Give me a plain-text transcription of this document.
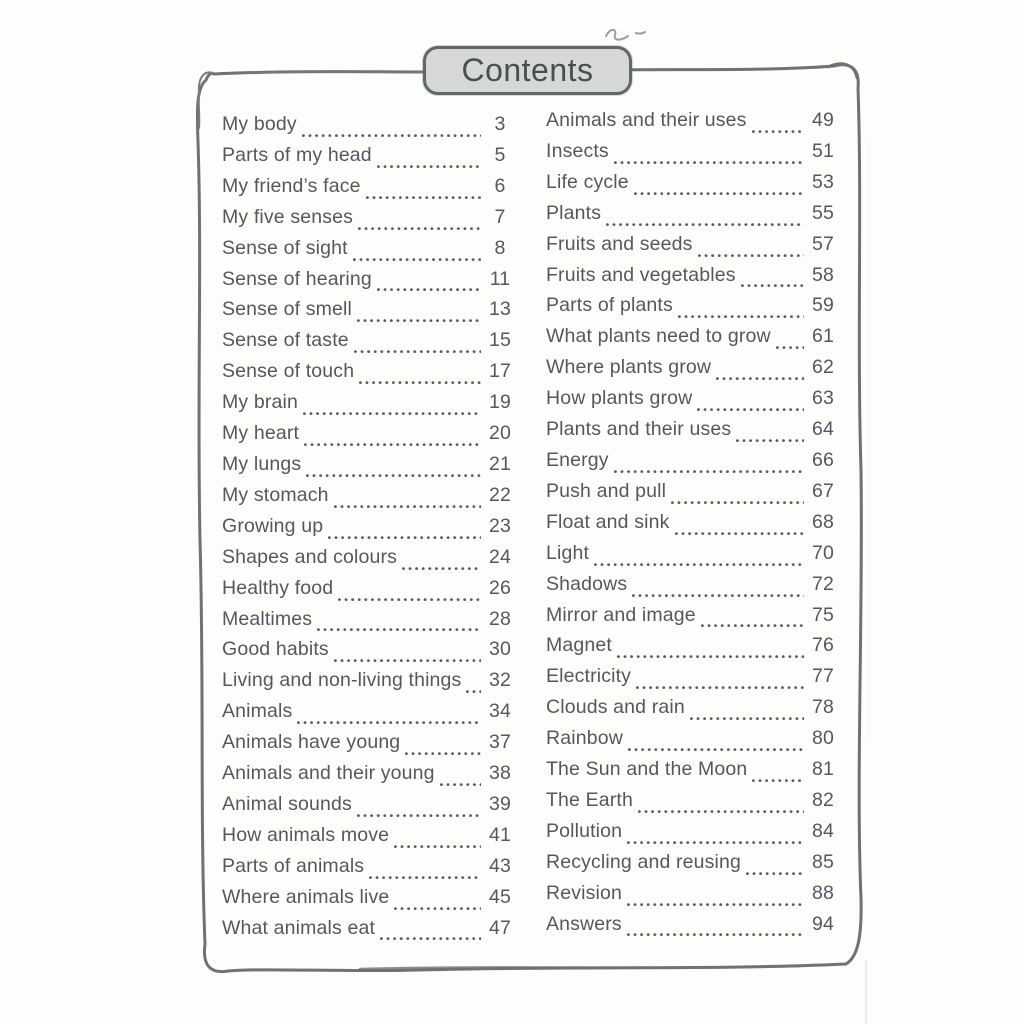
Contents
My body	3
Parts of my head	5
My friend’s face	6
My five senses	7
Sense of sight	8
Sense of hearing	11
Sense of smell	13
Sense of taste	15
Sense of touch	17
My brain	19
My heart	20
My lungs	21
My stomach	22
Growing up	23
Shapes and colours	24
Healthy food	26
Mealtimes	28
Good habits	30
Living and non-living things 32
Animals	34
Animals have young	37
Animals and their young	38
Animal sounds	39
How animals move	41
Parts of animals	43
Where animals live	45
What animals eat	47
Animals and their uses	49
Insects	51
Life cycle	53
Plants	55
Fruits and seeds	57
Fruits and vegetables	58
Parts of plants	59
What plants need to grow 61
Where plants grow	62
How plants grow	63
Plants and their uses	64
Energy	66
Push and pull	67
Float and sink	68
Light	70
Shadows	72
Mirror and image	75
Magnet	76
Electricity	77
Clouds and rain	78
Rainbow	80
The Sun and the Moon	81
The Earth	82
Pollution	84
Recycling and reusing	85
Revision	88
Answers	94
